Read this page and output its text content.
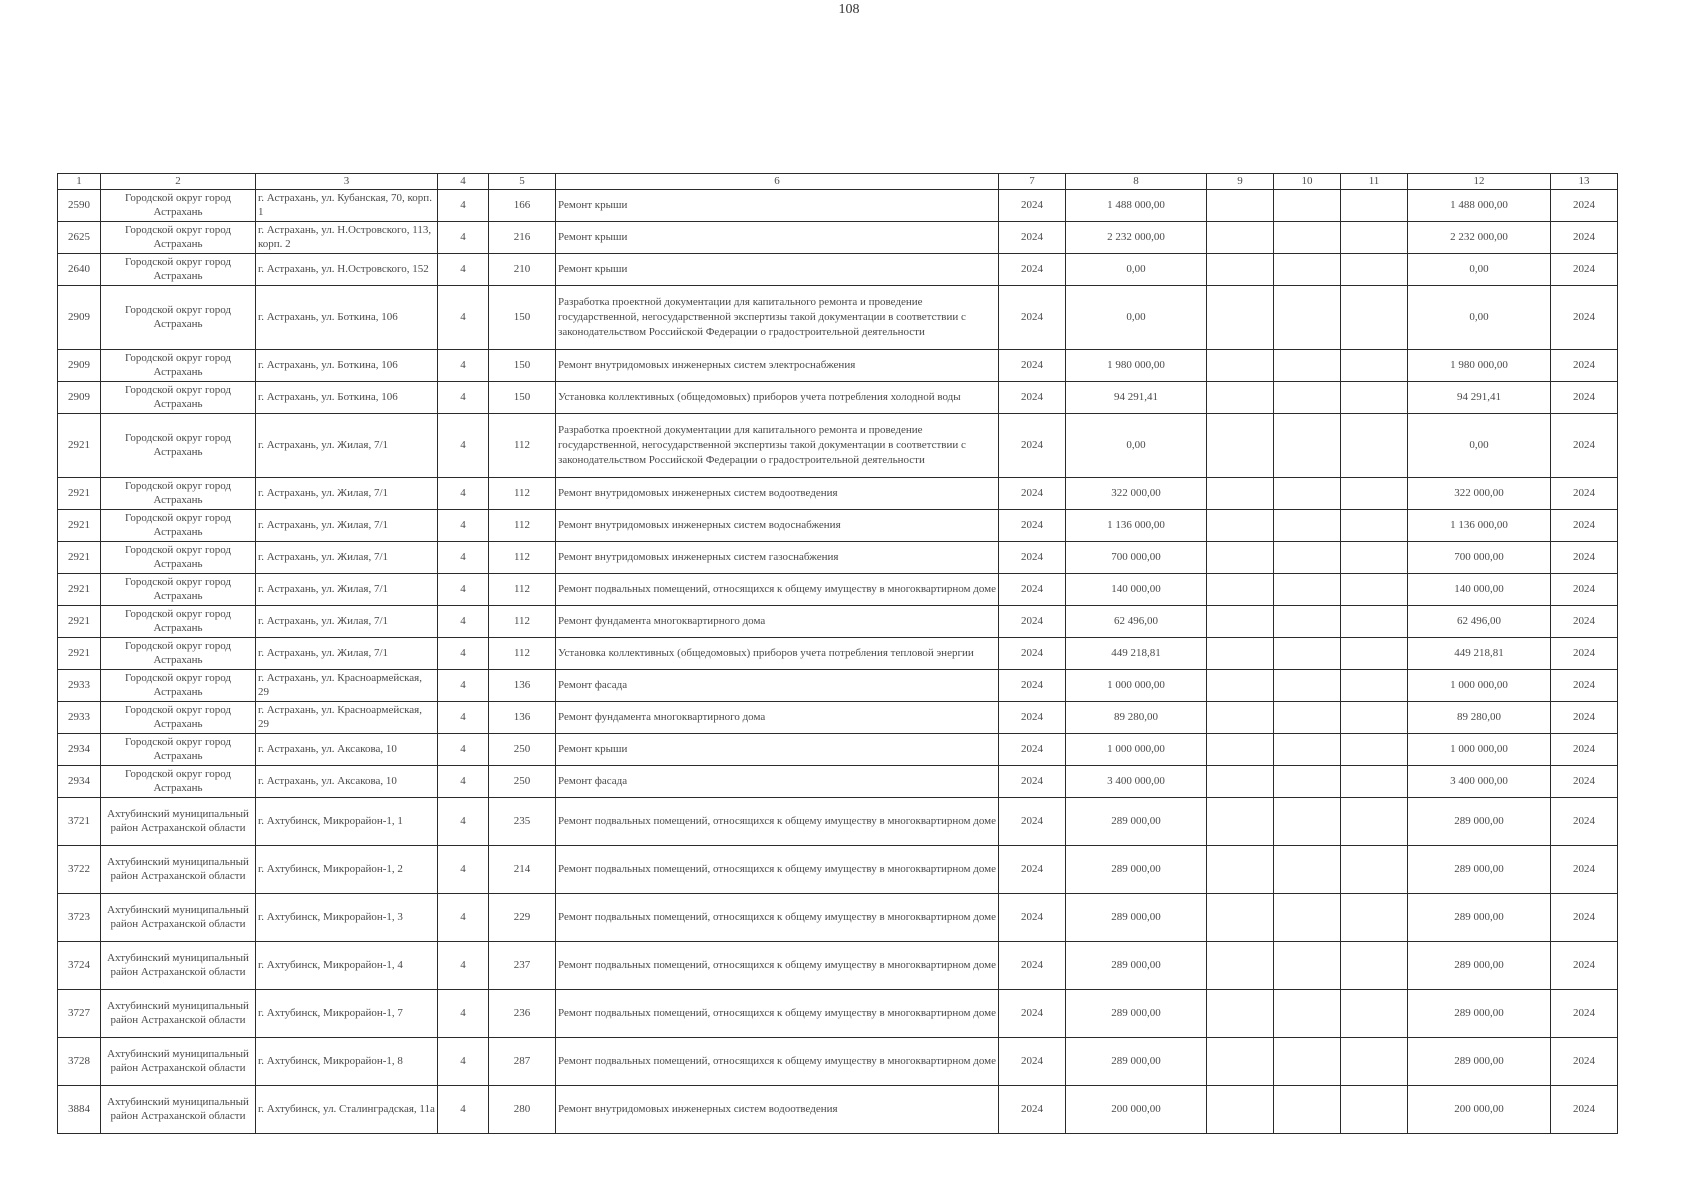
108
1	2	3	4	5	6	7	8	9	10	11	12	13
2590	Городской округ город Астрахань	г. Астрахань, ул. Кубанская, 70, корп. 1	4	166	Ремонт крыши	2024	1 488 000,00				1 488 000,00	2024
2625	Городской округ город Астрахань	г. Астрахань, ул. Н.Островского, 113, корп. 2	4	216	Ремонт крыши	2024	2 232 000,00				2 232 000,00	2024
2640	Городской округ город Астрахань	г. Астрахань, ул. Н.Островского, 152	4	210	Ремонт крыши	2024	0,00				0,00	2024
2909	Городской округ город Астрахань	г. Астрахань, ул. Боткина, 106	4	150	Разработка проектной документации для капитального ремонта и проведение государственной, негосударственной экспертизы такой документации в соответствии с законодательством Российской Федерации о градостроительной деятельности	2024	0,00				0,00	2024
2909	Городской округ город Астрахань	г. Астрахань, ул. Боткина, 106	4	150	Ремонт внутридомовых инженерных систем электроснабжения	2024	1 980 000,00				1 980 000,00	2024
2909	Городской округ город Астрахань	г. Астрахань, ул. Боткина, 106	4	150	Установка коллективных (общедомовых) приборов учета потребления холодной воды	2024	94 291,41				94 291,41	2024
2921	Городской округ город Астрахань	г. Астрахань, ул. Жилая, 7/1	4	112	Разработка проектной документации для капитального ремонта и проведение государственной, негосударственной экспертизы такой документации в соответствии с законодательством Российской Федерации о градостроительной деятельности	2024	0,00				0,00	2024
2921	Городской округ город Астрахань	г. Астрахань, ул. Жилая, 7/1	4	112	Ремонт внутридомовых инженерных систем водоотведения	2024	322 000,00				322 000,00	2024
2921	Городской округ город Астрахань	г. Астрахань, ул. Жилая, 7/1	4	112	Ремонт внутридомовых инженерных систем водоснабжения	2024	1 136 000,00				1 136 000,00	2024
2921	Городской округ город Астрахань	г. Астрахань, ул. Жилая, 7/1	4	112	Ремонт внутридомовых инженерных систем газоснабжения	2024	700 000,00				700 000,00	2024
2921	Городской округ город Астрахань	г. Астрахань, ул. Жилая, 7/1	4	112	Ремонт подвальных помещений, относящихся к общему имуществу в многоквартирном доме	2024	140 000,00				140 000,00	2024
2921	Городской округ город Астрахань	г. Астрахань, ул. Жилая, 7/1	4	112	Ремонт фундамента многоквартирного дома	2024	62 496,00				62 496,00	2024
2921	Городской округ город Астрахань	г. Астрахань, ул. Жилая, 7/1	4	112	Установка коллективных (общедомовых) приборов учета потребления тепловой энергии	2024	449 218,81				449 218,81	2024
2933	Городской округ город Астрахань	г. Астрахань, ул. Красноармейская, 29	4	136	Ремонт фасада	2024	1 000 000,00				1 000 000,00	2024
2933	Городской округ город Астрахань	г. Астрахань, ул. Красноармейская, 29	4	136	Ремонт фундамента многоквартирного дома	2024	89 280,00				89 280,00	2024
2934	Городской округ город Астрахань	г. Астрахань, ул. Аксакова, 10	4	250	Ремонт крыши	2024	1 000 000,00				1 000 000,00	2024
2934	Городской округ город Астрахань	г. Астрахань, ул. Аксакова, 10	4	250	Ремонт фасада	2024	3 400 000,00				3 400 000,00	2024
3721	Ахтубинский муниципальный район Астраханской области	г. Ахтубинск, Микрорайон-1, 1	4	235	Ремонт подвальных помещений, относящихся к общему имуществу в многоквартирном доме	2024	289 000,00				289 000,00	2024
3722	Ахтубинский муниципальный район Астраханской области	г. Ахтубинск, Микрорайон-1, 2	4	214	Ремонт подвальных помещений, относящихся к общему имуществу в многоквартирном доме	2024	289 000,00				289 000,00	2024
3723	Ахтубинский муниципальный район Астраханской области	г. Ахтубинск, Микрорайон-1, 3	4	229	Ремонт подвальных помещений, относящихся к общему имуществу в многоквартирном доме	2024	289 000,00				289 000,00	2024
3724	Ахтубинский муниципальный район Астраханской области	г. Ахтубинск, Микрорайон-1, 4	4	237	Ремонт подвальных помещений, относящихся к общему имуществу в многоквартирном доме	2024	289 000,00				289 000,00	2024
3727	Ахтубинский муниципальный район Астраханской области	г. Ахтубинск, Микрорайон-1, 7	4	236	Ремонт подвальных помещений, относящихся к общему имуществу в многоквартирном доме	2024	289 000,00				289 000,00	2024
3728	Ахтубинский муниципальный район Астраханской области	г. Ахтубинск, Микрорайон-1, 8	4	287	Ремонт подвальных помещений, относящихся к общему имуществу в многоквартирном доме	2024	289 000,00				289 000,00	2024
3884	Ахтубинский муниципальный район Астраханской области	г. Ахтубинск, ул. Сталинградская, 11а	4	280	Ремонт внутридомовых инженерных систем водоотведения	2024	200 000,00				200 000,00	2024
